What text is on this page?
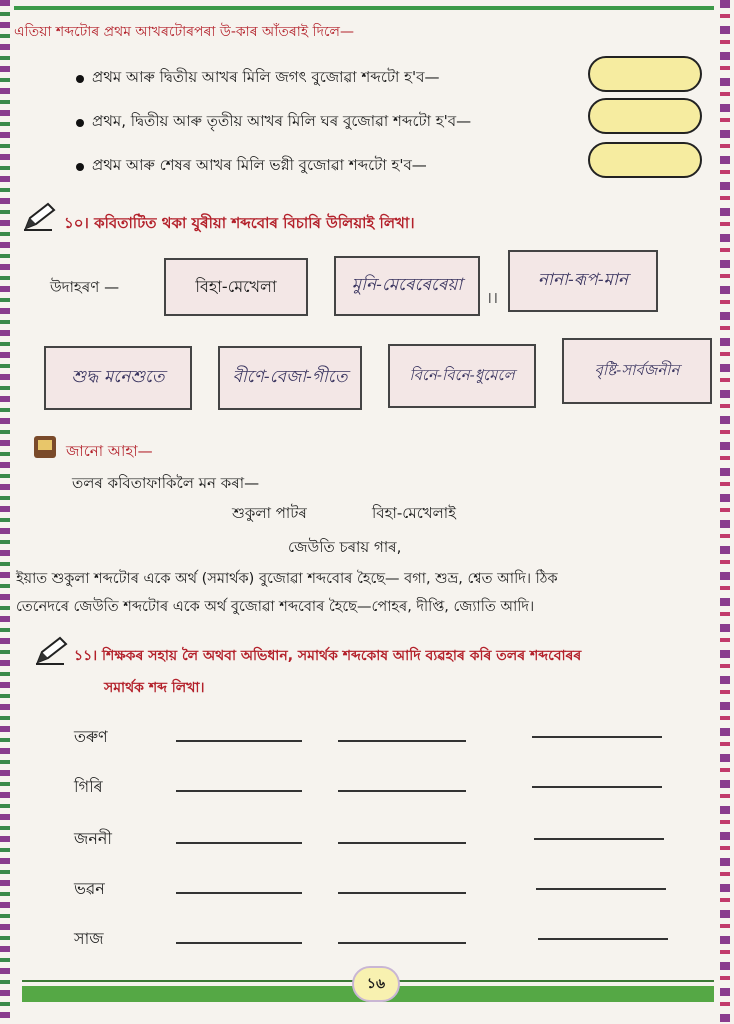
এতিয়া শব্দটোৰ প্ৰথম আখৰটোৰপৰা উ-কাৰ আঁতৰাই দিলে—
প্ৰথম আৰু দ্বিতীয় আখৰ মিলি জগৎ বুজোৱা শব্দটো হ'ব—
প্ৰথম, দ্বিতীয় আৰু তৃতীয় আখৰ মিলি ঘৰ বুজোৱা শব্দটো হ'ব—
প্ৰথম আৰু শেষৰ আখৰ মিলি ভগ্নী বুজোৱা শব্দটো হ'ব—
১০। কবিতাটিত থকা যুৰীয়া শব্দবোৰ বিচাৰি উলিয়াই লিখা।
উদাহৰণ —	বিহা-মেখেলা	মুনি-মেৰেৰেৰেয়া
।।
নানা-ৰূপ-মান
শুদ্ধ মনেশুতে	বীণে-বেজা-গীতে	বিনে-বিনে-ধুমেলে	বৃষ্টি-সাৰ্বজনীন
জানো আহা—
তলৰ কবিতাফাকিলৈ মন কৰা—
শুকুলা পাটৰ	বিহা-মেখেলাই
জেউতি চৰায় গাৰ,
ইয়াত শুকুলা শব্দটোৰ একে অৰ্থ (সমাৰ্থক) বুজোৱা শব্দবোৰ হৈছে— বগা, শুভ্ৰ, শ্বেত আদি। ঠিক
তেনেদৰে জেউতি শব্দটোৰ একে অৰ্থ বুজোৱা শব্দবোৰ হৈছে—পোহৰ, দীপ্তি, জ্যোতি আদি।
১১। শিক্ষকৰ সহায় লৈ অথবা অভিধান, সমাৰ্থক শব্দকোষ আদি ব্যৱহাৰ কৰি তলৰ শব্দবোৰৰ
সমাৰ্থক শব্দ লিখা।
তৰুণ
গিৰি
জননী
ভৱন
সাজ
১৬
